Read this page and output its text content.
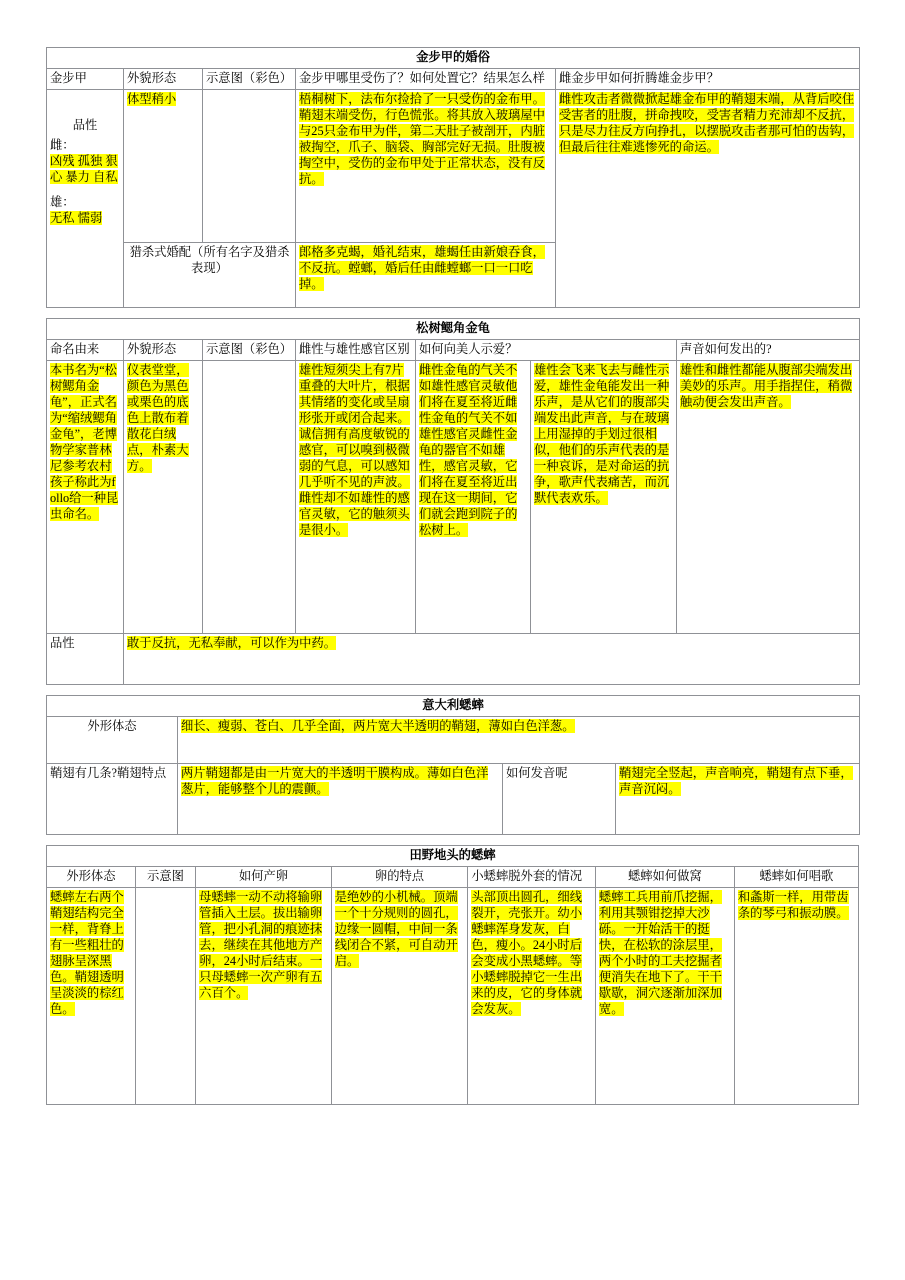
金步甲的婚俗				
金步甲	外貌形态	示意图（彩色）	金步甲哪里受伤了？如何处置它？结果怎么样	雌金步甲如何折腾雄金步甲？

品性
雌：
凶残 孤独 狠心 暴力 自私
雄：
无私 懦弱	体型稍小		梧桐树下，法布尔捡拾了一只受伤的金布甲。鞘翅末端受伤，行色慌张。将其放入玻璃屋中与25只金布甲为伴，第二天肚子被剖开，内脏被掏空，爪子、脑袋、胸部完好无损。肚腹被掏空中，受伤的金布甲处于正常状态，没有反抗。	雌性攻击者微微掀起雄金布甲的鞘翅末端，从背后咬住受害者的肚腹，拼命拽咬，受害者精力充沛却不反抗，只是尽力往反方向挣扎，以摆脱攻击者那可怕的齿钩，但最后往往难逃惨死的命运。
	猎杀式婚配（所有名字及猎杀表现）		郎格多克蝎，婚礼结束，雄蝎任由新娘吞食，不反抗。螳螂，婚后任由雌螳螂一口一口吃掉。	
松树鳃角金龟						
命名由来	外貌形态	示意图（彩色）	雌性与雄性感官区别	如何向美人示爱？		声音如何发出的?
本书名为“松树鳃角金龟”，正式名为“缩绒鳃角金龟”，老博物学家普林尼参考农村孩子称此为follo给一种昆虫命名。	仪表堂堂，颜色为黑色或栗色的底色上散布着散花白绒点，朴素大方。		雄性短须尖上有7片重叠的大叶片，根据其情绪的变化或呈扇形张开或闭合起来。诚信拥有高度敏锐的感官，可以嗅到极微弱的气息，可以感知几乎听不见的声波。雌性却不如雄性的感官灵敏，它的触须头是很小。	雌性金龟的气关不如雄性感官灵敏他们将在夏至将近雌性金龟的气关不如雄性感官灵雌性金龟的器官不如雄性，感官灵敏，它们将在夏至将近出现在这一期间，它们就会跑到院子的松树上。	雄性会飞来飞去与雌性示爱，雄性金龟能发出一种乐声，是从它们的腹部尖端发出此声音，与在玻璃上用湿掉的手划过很相似，他们的乐声代表的是一种哀诉，是对命运的抗争，歌声代表痛苦，而沉默代表欢乐。	雄性和雌性都能从腹部尖端发出美妙的乐声。用手指捏住，稍微触动便会发出声音。
品性	敢于反抗，无私奉献，可以作为中药。					
意大利蟋蟀			
外形体态	细长、瘦弱、苍白、几乎全面，两片宽大半透明的鞘翅，薄如白色洋葱。		
鞘翅有几条?鞘翅特点	两片鞘翅都是由一片宽大的半透明干膜构成。薄如白色洋葱片，能够整个儿的震颤。	如何发音呢	鞘翅完全竖起，声音响亮，鞘翅有点下垂，声音沉闷。
田野地头的蟋蟀						
外形体态	示意图	如何产卵	卵的特点	小蟋蟀脱外套的情况	蟋蟀如何做窝	蟋蟀如何唱歌
蟋蟀左右两个鞘翅结构完全一样，背脊上有一些粗壮的翅脉呈深黑色。鞘翅透明呈淡淡的棕红色。		母蟋蟀一动不动将输卵管插入土层。拔出输卵管，把小孔洞的痕迹抹去，继续在其他地方产卵，24小时后结束。一只母蟋蟀一次产卵有五六百个。	是绝妙的小机械。顶端一个十分规则的圆孔，边缘一圆帽，中间一条线闭合不紧，可自动开启。	头部顶出圆孔，细线裂开，壳张开。幼小蟋蟀浑身发灰，白色，瘦小。24小时后会变成小黑蟋蟀。等小蟋蟀脱掉它一生出来的皮，它的身体就会发灰。	蟋蟀工兵用前爪挖掘，利用其颚钳挖掉大沙砾。一开始活干的挺快，在松软的涂层里，两个小时的工夫挖掘者便消失在地下了。干干歇歇，洞穴逐渐加深加宽。	和螽斯一样，用带齿条的琴弓和振动膜。
